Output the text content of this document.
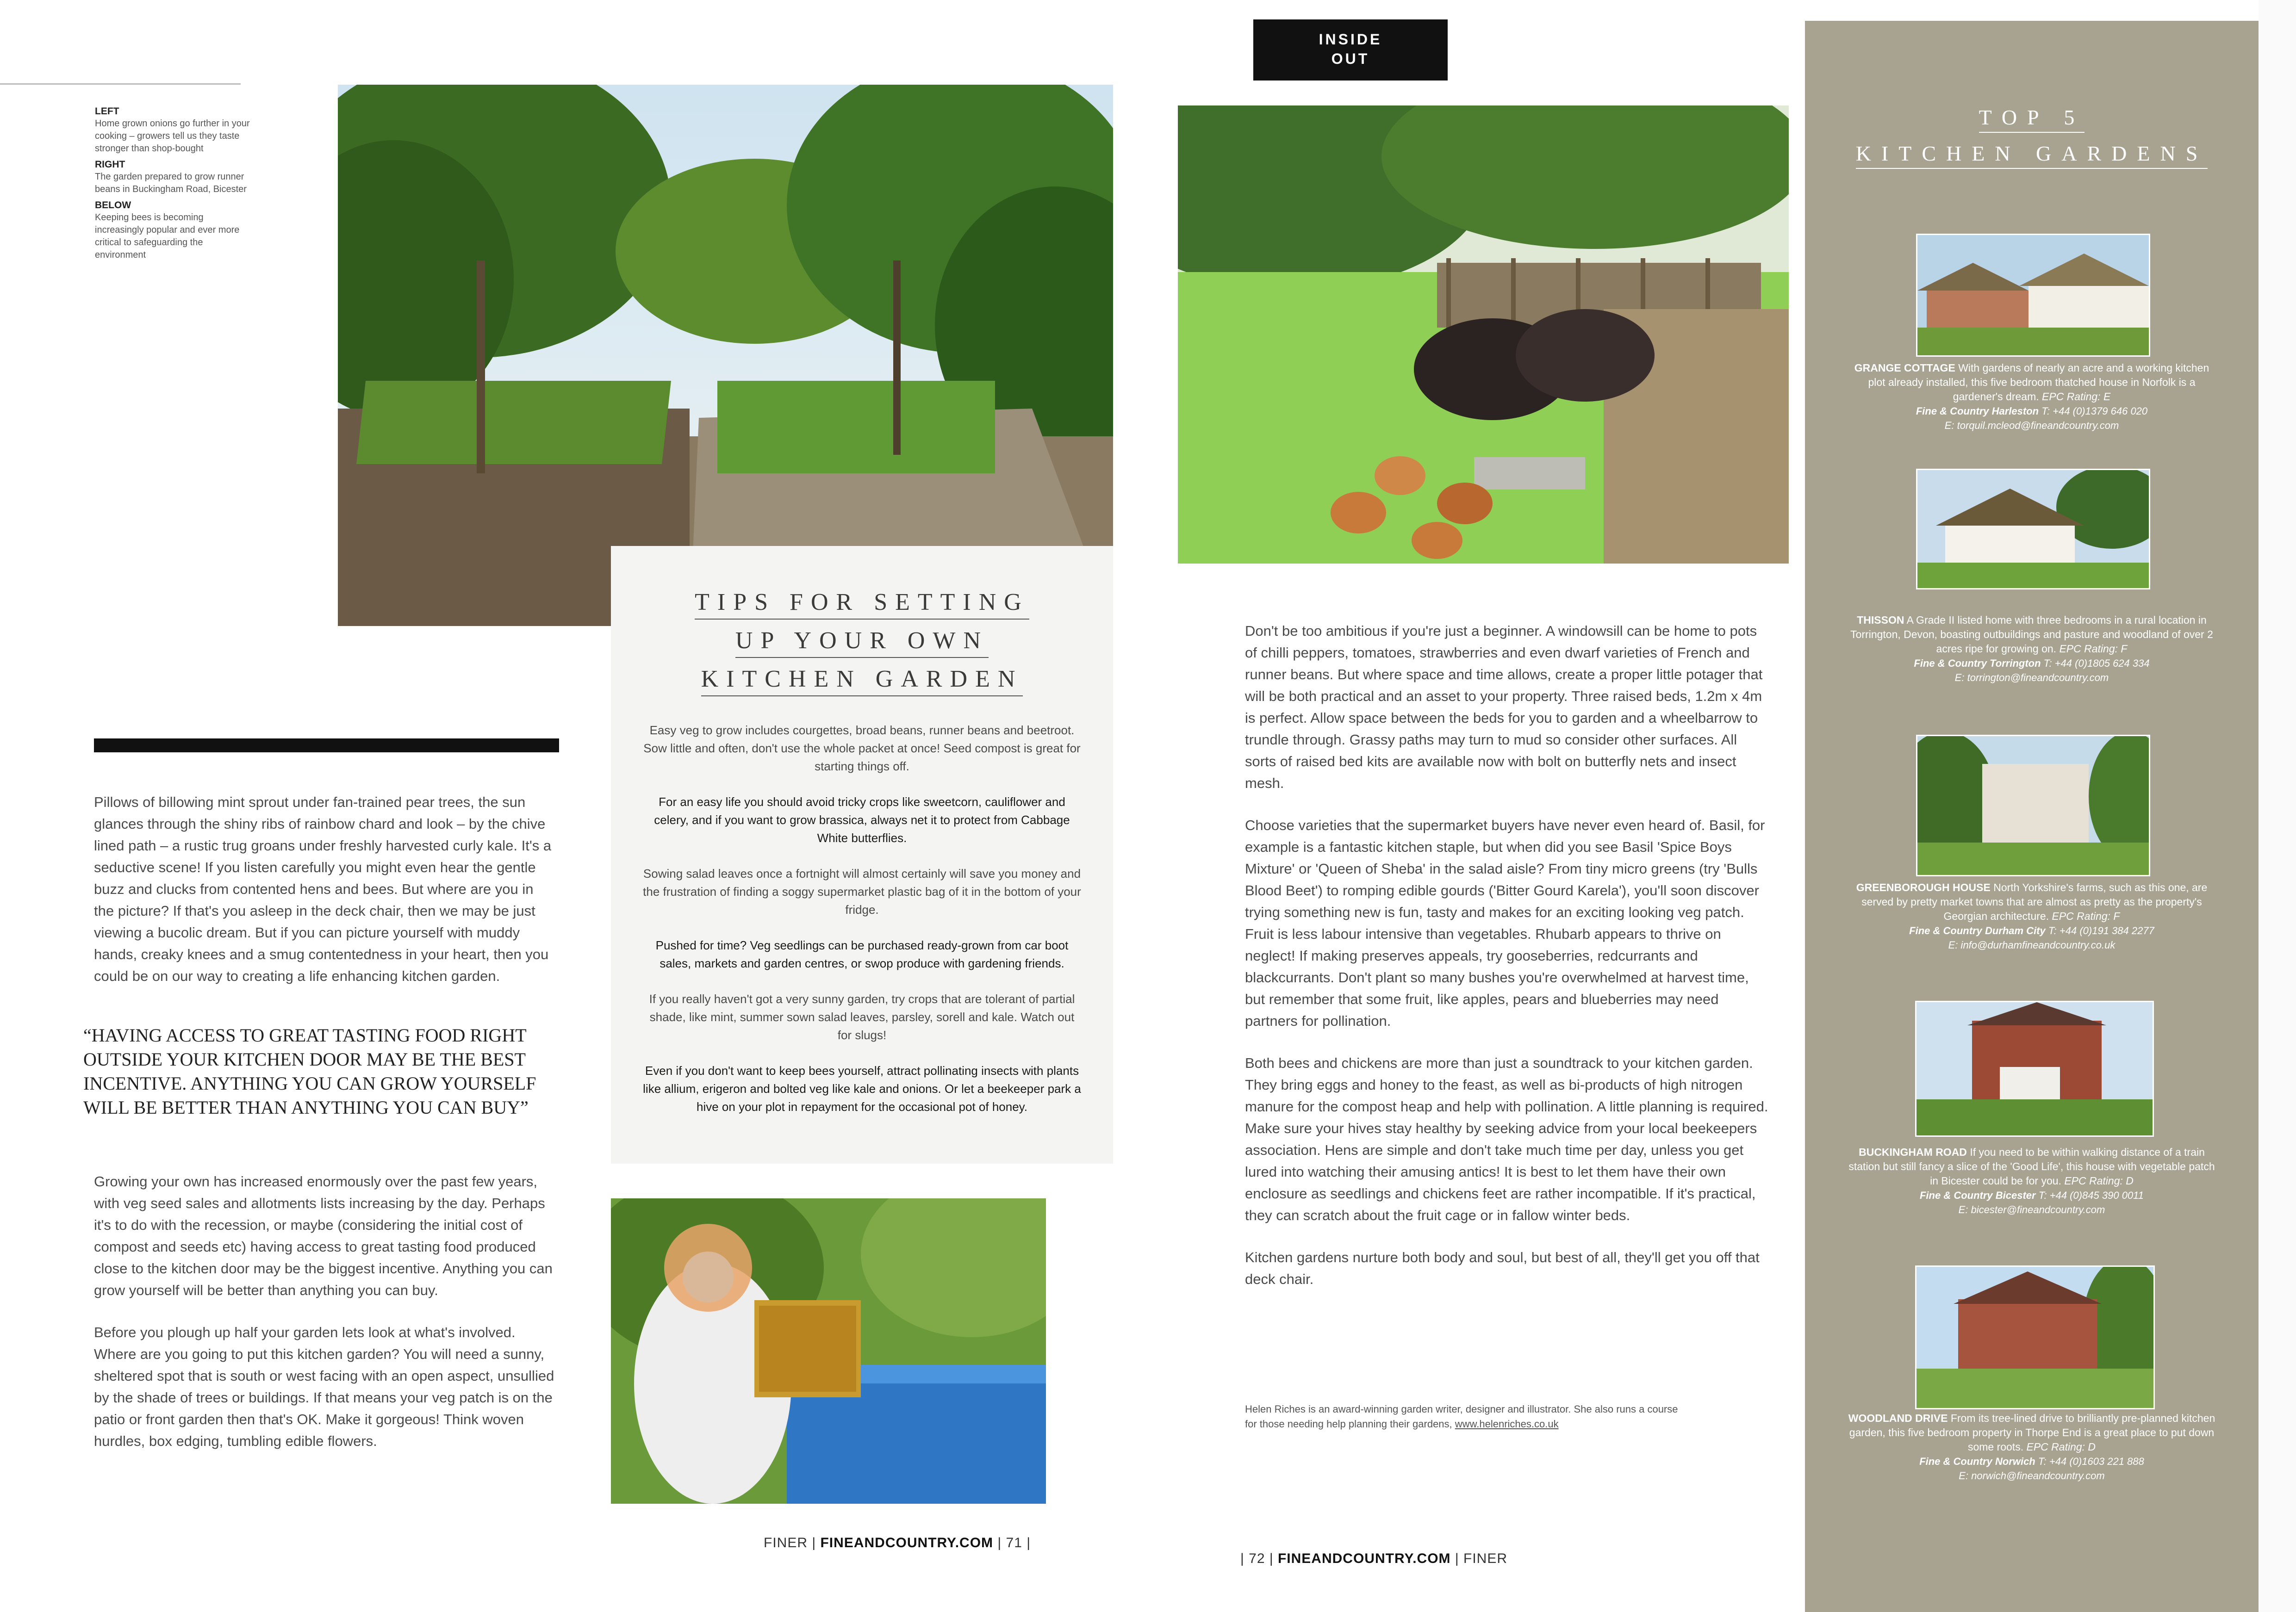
LEFT

Home grown onions go further in your cooking – growers tell us they taste stronger than shop-bought

RIGHT

The garden prepared to grow runner beans in Buckingham Road, Bicester

BELOW

Keeping bees is becoming increasingly popular and ever more critical to safeguarding the environment

TIPS FOR SETTING
UP YOUR OWN
KITCHEN GARDEN

Easy veg to grow includes courgettes, broad beans, runner beans and beetroot. Sow little and often, don't use the whole packet at once! Seed compost is great for starting things off.

For an easy life you should avoid tricky crops like sweetcorn, cauliflower and celery, and if you want to grow brassica, always net it to protect from Cabbage White butterflies.

Sowing salad leaves once a fortnight will almost certainly will save you money and the frustration of finding a soggy supermarket plastic bag of it in the bottom of your fridge.

Pushed for time? Veg seedlings can be purchased ready-grown from car boot sales, markets and garden centres, or swop produce with gardening friends.

If you really haven't got a very sunny garden, try crops that are tolerant of partial shade, like mint, summer sown salad leaves, parsley, sorell and kale. Watch out for slugs!

Even if you don't want to keep bees yourself, attract pollinating insects with plants like allium, erigeron and bolted veg like kale and onions. Or let a beekeeper park a hive on your plot in repayment for the occasional pot of honey.

Pillows of billowing mint sprout under fan-trained pear trees, the sun glances through the shiny ribs of rainbow chard and look – by the chive lined path – a rustic trug groans under freshly harvested curly kale. It's a seductive scene! If you listen carefully you might even hear the gentle buzz and clucks from contented hens and bees. But where are you in the picture? If that's you asleep in the deck chair, then we may be just viewing a bucolic dream. But if you can picture yourself with muddy hands, creaky knees and a smug contentedness in your heart, then you could be on our way to creating a life enhancing kitchen garden.

“HAVING ACCESS TO GREAT TASTING FOOD RIGHT OUTSIDE YOUR KITCHEN DOOR MAY BE THE BEST INCENTIVE. ANYTHING YOU CAN GROW YOURSELF WILL BE BETTER THAN ANYTHING YOU CAN BUY”

Growing your own has increased enormously over the past few years, with veg seed sales and allotments lists increasing by the day. Perhaps it's to do with the recession, or maybe (considering the initial cost of compost and seeds etc) having access to great tasting food produced close to the kitchen door may be the biggest incentive. Anything you can grow yourself will be better than anything you can buy.

Before you plough up half your garden lets look at what's involved. Where are you going to put this kitchen garden? You will need a sunny, sheltered spot that is south or west facing with an open aspect, unsullied by the shade of trees or buildings. If that means your veg patch is on the patio or front garden then that's OK. Make it gorgeous! Think woven hurdles, box edging, tumbling edible flowers.

FINER | FINEANDCOUNTRY.COM | 71 |
INSIDE OUT

Don't be too ambitious if you're just a beginner. A windowsill can be home to pots of chilli peppers, tomatoes, strawberries and even dwarf varieties of French and runner beans. But where space and time allows, create a proper little potager that will be both practical and an asset to your property. Three raised beds, 1.2m x 4m is perfect. Allow space between the beds for you to garden and a wheelbarrow to trundle through. Grassy paths may turn to mud so consider other surfaces. All sorts of raised bed kits are available now with bolt on butterfly nets and insect mesh.

Choose varieties that the supermarket buyers have never even heard of. Basil, for example is a fantastic kitchen staple, but when did you see Basil 'Spice Boys Mixture' or 'Queen of Sheba' in the salad aisle? From tiny micro greens (try 'Bulls Blood Beet') to romping edible gourds ('Bitter Gourd Karela'), you'll soon discover trying something new is fun, tasty and makes for an exciting looking veg patch. Fruit is less labour intensive than vegetables. Rhubarb appears to thrive on neglect! If making preserves appeals, try gooseberries, redcurrants and blackcurrants. Don't plant so many bushes you're overwhelmed at harvest time, but remember that some fruit, like apples, pears and blueberries may need partners for pollination.

Both bees and chickens are more than just a soundtrack to your kitchen garden. They bring eggs and honey to the feast, as well as bi-products of high nitrogen manure for the compost heap and help with pollination. A little planning is required. Make sure your hives stay healthy by seeking advice from your local beekeepers association. Hens are simple and don't take much time per day, unless you get lured into watching their amusing antics! It is best to let them have their own enclosure as seedlings and chickens feet are rather incompatible. If it's practical, they can scratch about the fruit cage or in fallow winter beds.

Kitchen gardens nurture both body and soul, but best of all, they'll get you off that deck chair.

Helen Riches is an award-winning garden writer, designer and illustrator. She also runs a course for those needing help planning their gardens, www.helenriches.co.uk
| 72 | FINEANDCOUNTRY.COM | FINER
TOP 5
KITCHEN GARDENS
GRANGE COTTAGE With gardens of nearly an acre and a working kitchen plot already installed, this five bedroom thatched house in Norfolk is a gardener's dream. EPC Rating: E
Fine & Country Harleston T: +44 (0)1379 646 020
E: torquil.mcleod@fineandcountry.com
THISSON A Grade II listed home with three bedrooms in a rural location in Torrington, Devon, boasting outbuildings and pasture and woodland of over 2 acres ripe for growing on. EPC Rating: F
Fine & Country Torrington T: +44 (0)1805 624 334
E: torrington@fineandcountry.com
GREENBOROUGH HOUSE North Yorkshire's farms, such as this one, are served by pretty market towns that are almost as pretty as the property's Georgian architecture. EPC Rating: F
Fine & Country Durham City T: +44 (0)191 384 2277
E: info@durhamfineandcountry.co.uk
BUCKINGHAM ROAD If you need to be within walking distance of a train station but still fancy a slice of the 'Good Life', this house with vegetable patch in Bicester could be for you. EPC Rating: D
Fine & Country Bicester T: +44 (0)845 390 0011
E: bicester@fineandcountry.com
WOODLAND DRIVE From its tree-lined drive to brilliantly pre-planned kitchen garden, this five bedroom property in Thorpe End is a great place to put down some roots. EPC Rating: D
Fine & Country Norwich T: +44 (0)1603 221 888
E: norwich@fineandcountry.com
